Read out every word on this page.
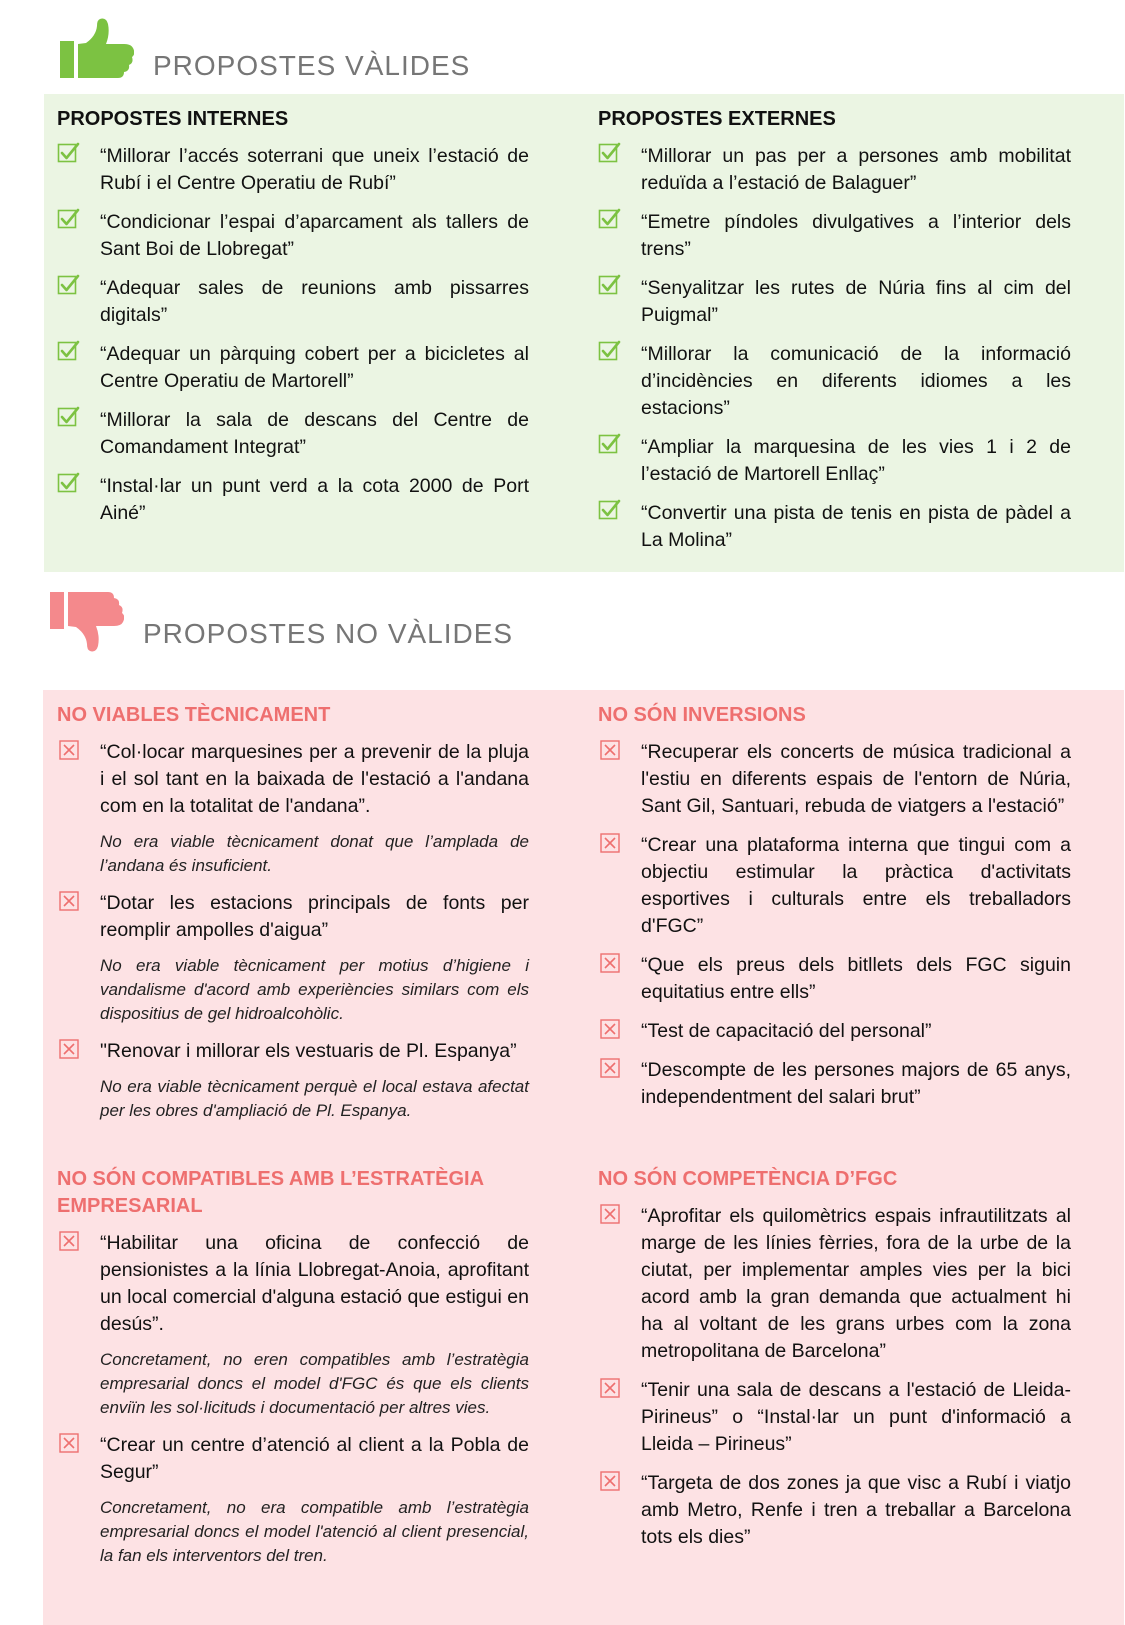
PROPOSTES VÀLIDES
PROPOSTES INTERNES
“Millorar l’accés soterrani que uneix l’estació de Rubí i el Centre Operatiu de Rubí”
“Condicionar l’espai d’aparcament als tallers de Sant Boi de Llobregat”
“Adequar sales de reunions amb pissarres digitals”
“Adequar un pàrquing cobert per a bicicletes al Centre Operatiu de Martorell”
“Millorar la sala de descans del Centre de Comandament Integrat”
“Instal·lar un punt verd a la cota 2000 de Port Ainé”
PROPOSTES EXTERNES
“Millorar un pas per a persones amb mobilitat reduïda a l’estació de Balaguer”
“Emetre píndoles divulgatives a l’interior dels trens”
“Senyalitzar les rutes de Núria fins al cim del Puigmal”
“Millorar la comunicació de la informació d’incidències en diferents idiomes a les estacions”
“Ampliar la marquesina de les vies 1 i 2 de l’estació de Martorell Enllaç”
“Convertir una pista de tenis en pista de pàdel a La Molina”
PROPOSTES NO VÀLIDES
NO VIABLES TÈCNICAMENT
“Col·locar marquesines per a prevenir de la pluja i el sol tant en la baixada de l'estació a l'andana com en la totalitat de l'andana”.
No era viable tècnicament donat que l’amplada de l’andana és insuficient.
“Dotar les estacions principals de fonts per reomplir ampolles d'aigua”
No era viable tècnicament per motius d’higiene i vandalisme d'acord amb experiències similars com els dispositius de gel hidroalcohòlic.
"Renovar i millorar els vestuaris de Pl. Espanya”
No era viable tècnicament perquè el local estava afectat per les obres d'ampliació de Pl. Espanya.
NO SÓN INVERSIONS
“Recuperar els concerts de música tradicional a l'estiu en diferents espais de l'entorn de Núria, Sant Gil, Santuari, rebuda de viatgers a l'estació”
“Crear una plataforma interna que tingui com a objectiu estimular la pràctica d'activitats esportives i culturals entre els treballadors d'FGC”
“Que els preus dels bitllets dels FGC siguin equitatius entre ells”
“Test de capacitació del personal”
“Descompte de les persones majors de 65 anys, independentment del salari brut”
NO SÓN COMPATIBLES AMB L’ESTRATÈGIA EMPRESARIAL
“Habilitar una oficina de confecció de pensionistes a la línia Llobregat-Anoia, aprofitant un local comercial d'alguna estació que estigui en desús”.
Concretament, no eren compatibles amb l’estratègia empresarial doncs el model d'FGC és que els clients enviïn les sol·licituds i documentació per altres vies.
“Crear un centre d’atenció al client a la Pobla de Segur”
Concretament, no era compatible amb l’estratègia empresarial doncs el model l'atenció al client presencial, la fan els interventors del tren.
NO SÓN COMPETÈNCIA D’FGC
“Aprofitar els quilomètrics espais infrautilitzats al marge de les línies fèrries, fora de la urbe de la ciutat, per implementar amples vies per la bici acord amb la gran demanda que actualment hi ha al voltant de les grans urbes com la zona metropolitana de Barcelona”
“Tenir una sala de descans a l'estació de Lleida-Pirineus” o “Instal·lar un punt d'informació a Lleida – Pirineus”
“Targeta de dos zones ja que visc a Rubí i viatjo amb Metro, Renfe i tren a treballar a Barcelona tots els dies”
